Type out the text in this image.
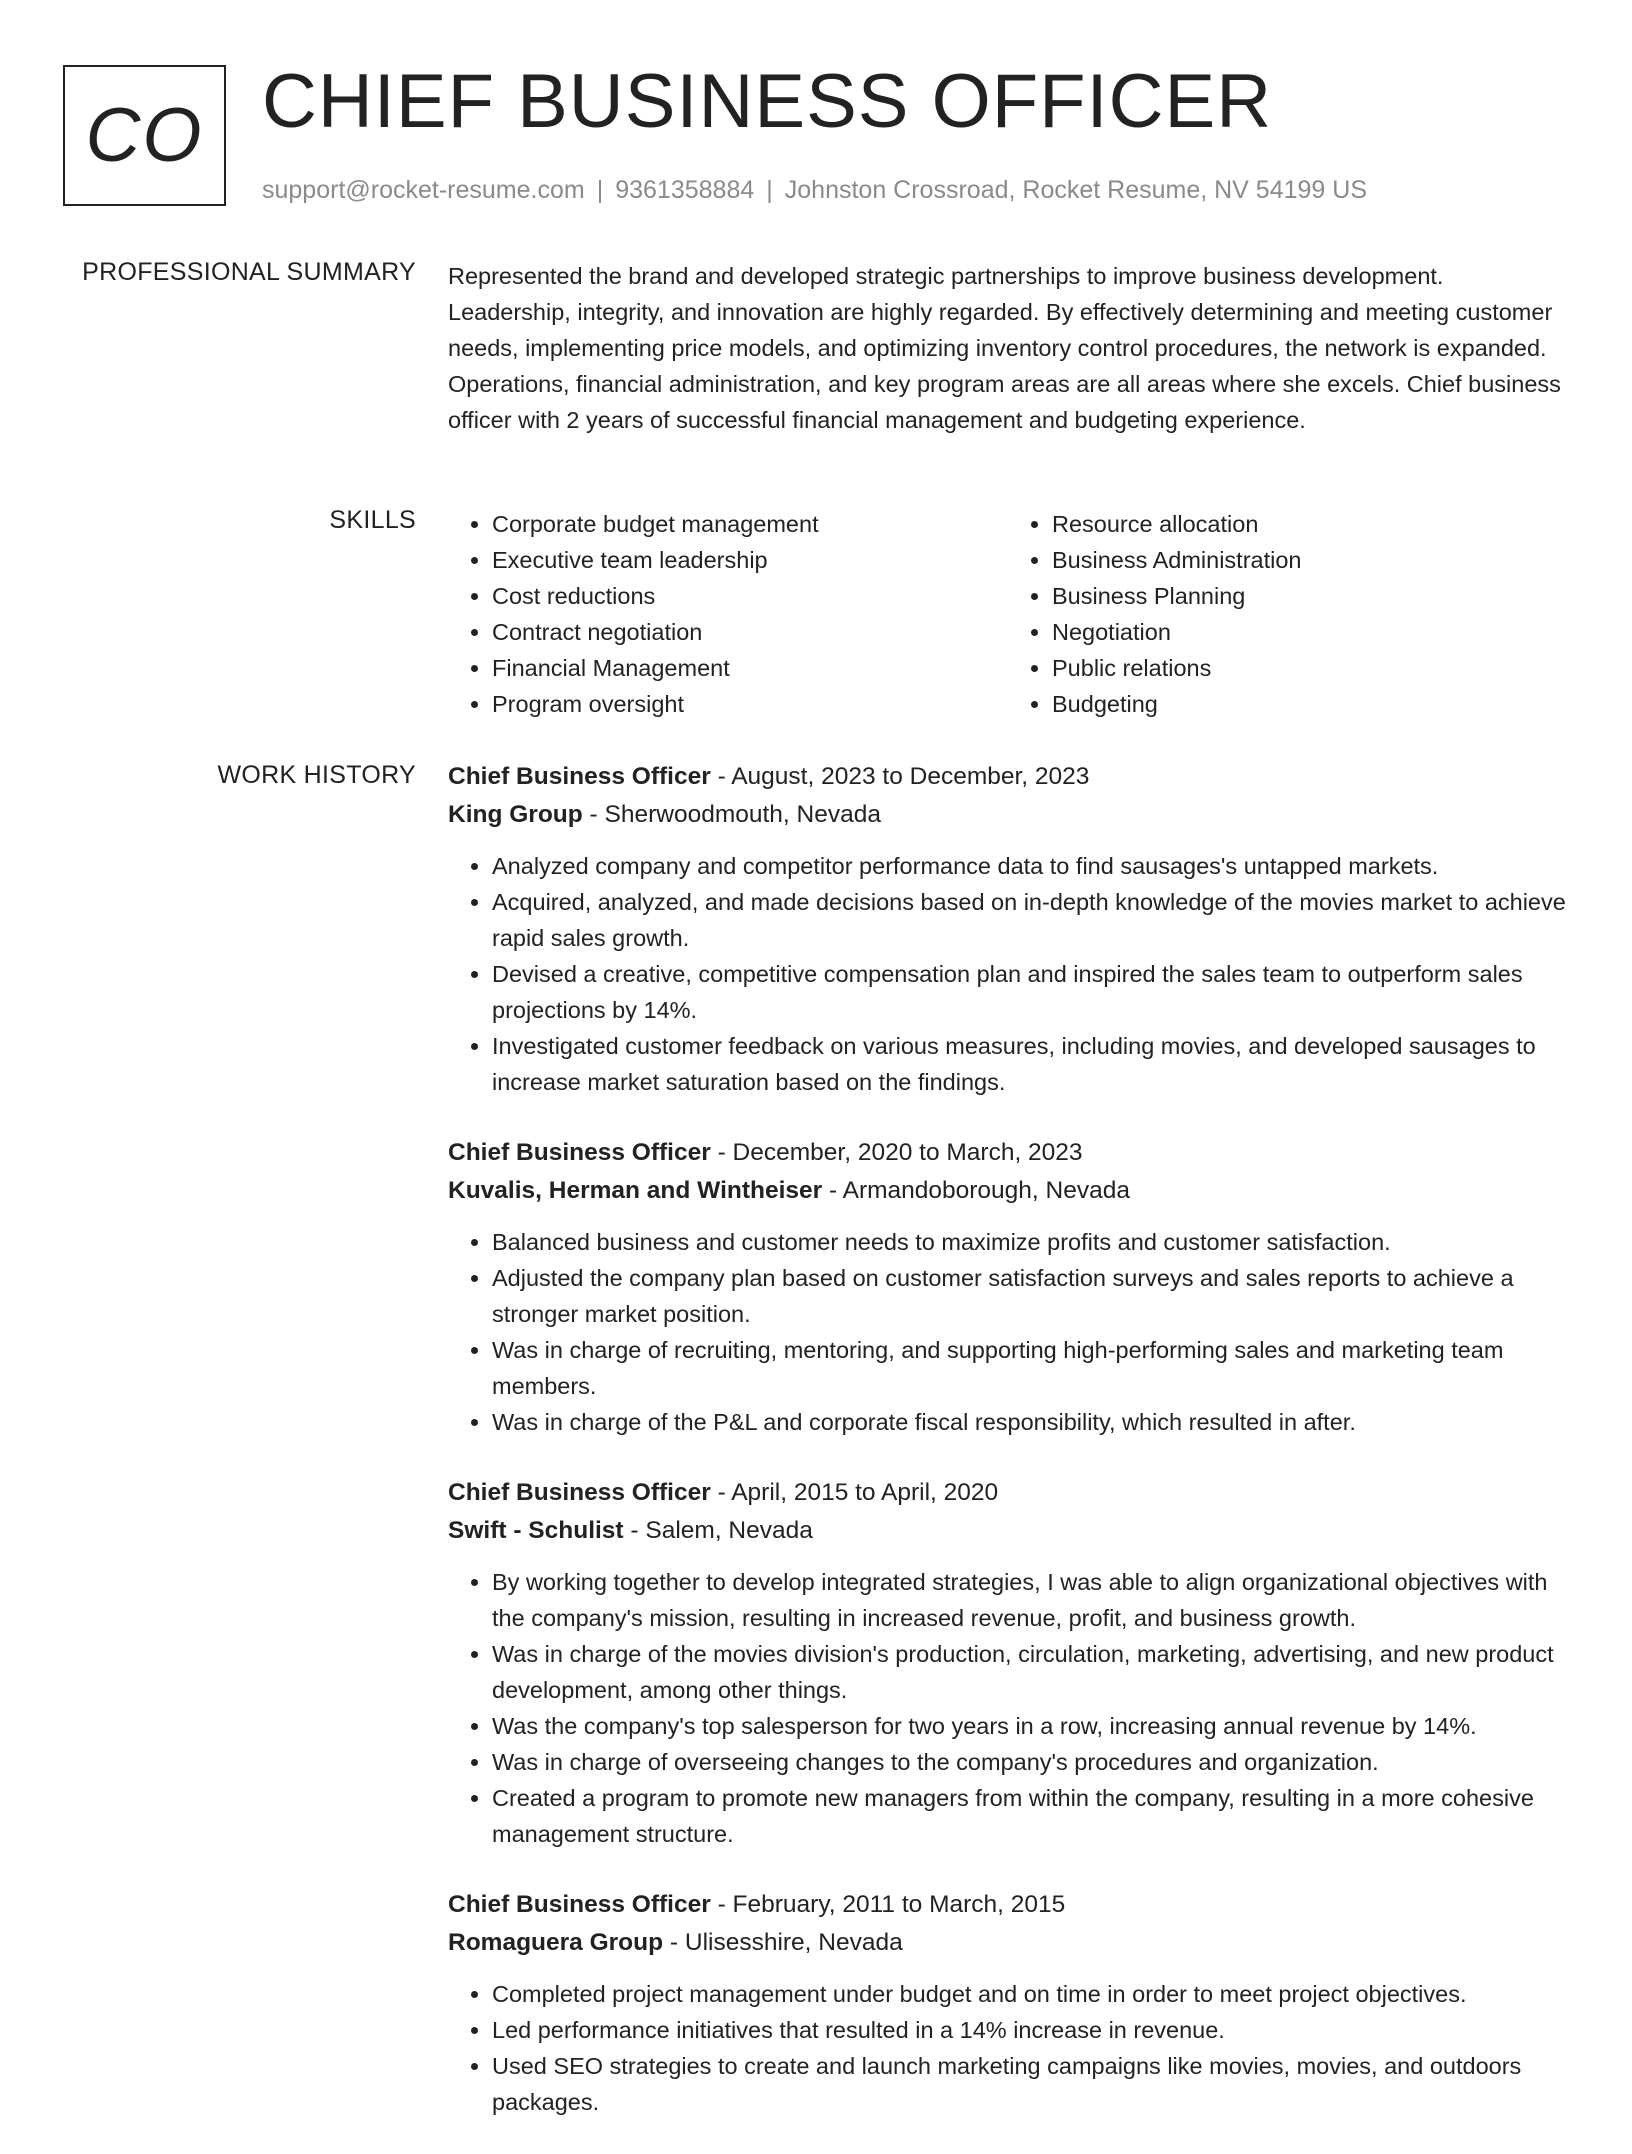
CO CHIEF BUSINESS OFFICER
support@rocket-resume.com | 9361358884 | Johnston Crossroad, Rocket Resume, NV 54199 US
PROFESSIONAL SUMMARY Represented the brand and developed strategic partnerships to improve business development. Leadership, integrity, and innovation are highly regarded. By effectively determining and meeting customer needs, implementing price models, and optimizing inventory control procedures, the network is expanded. Operations, financial administration, and key program areas are all areas where she excels. Chief business officer with 2 years of successful financial management and budgeting experience.

SKILLS
•	Corporate budget management
• Executive team leadership
• Cost reductions
• Contract negotiation
• Financial Management
• Program oversight
• Resource allocation
• Business Administration
• Business Planning
• Negotiation
• Public relations
• Budgeting
WORK HISTORY Chief Business Officer - August, 2023 to December, 2023
King Group - Sherwoodmouth, Nevada
• Analyzed company and competitor performance data to find sausages's untapped markets.
• Acquired, analyzed, and made decisions based on in-depth knowledge of the movies market to achieve rapid sales growth.
• Devised a creative, competitive compensation plan and inspired the sales team to outperform sales projections by 14%.
• Investigated customer feedback on various measures, including movies, and developed sausages to increase market saturation based on the findings.
Chief Business Officer - December, 2020 to March, 2023
Kuvalis, Herman and Wintheiser - Armandoborough, Nevada
• Balanced business and customer needs to maximize profits and customer satisfaction.
• Adjusted the company plan based on customer satisfaction surveys and sales reports to achieve a stronger market position.
• Was in charge of recruiting, mentoring, and supporting high-performing sales and marketing team members.
• Was in charge of the P&L and corporate fiscal responsibility, which resulted in after.
Chief Business Officer - April, 2015 to April, 2020
Swift - Schulist - Salem, Nevada
• By working together to develop integrated strategies, I was able to align organizational objectives with the company's mission, resulting in increased revenue, profit, and business growth.
• Was in charge of the movies division's production, circulation, marketing, advertising, and new product development, among other things.
• Was the company's top salesperson for two years in a row, increasing annual revenue by 14%.
• Was in charge of overseeing changes to the company's procedures and organization.
• Created a program to promote new managers from within the company, resulting in a more cohesive management structure.
Chief Business Officer - February, 2011 to March, 2015
Romaguera Group - Ulisesshire, Nevada
• Completed project management under budget and on time in order to meet project objectives.
• Led performance initiatives that resulted in a 14% increase in revenue.
• Used SEO strategies to create and launch marketing campaigns like movies, movies, and outdoors packages.
